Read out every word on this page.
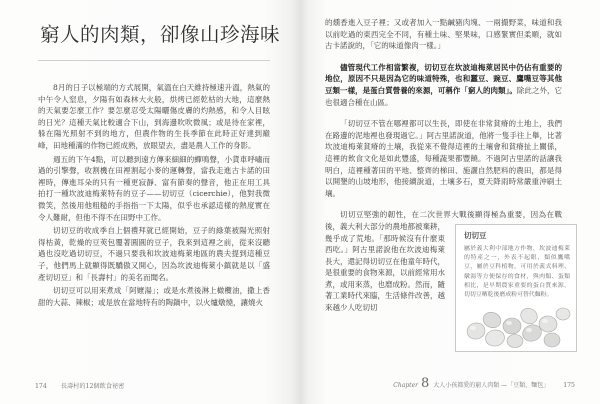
窮人的肉類，卻像山珍海味

8月的日子以極端的方式展開，氣溫在白天維持極速升溫，熱氣的中午令人窒息，夕陽有如森林大火般，烘烤已經乾枯的大地，這麼熱的天氣要怎麼工作？要怎麼忍受太陽曬傷皮膚的灼熱感，和令人目眩的日光？這種天氣比較適合下山，到海邊吹吹微風；或是待在家裡，躲在陽光照射不到的地方，但農作物的生長季節在此時正好達到巔峰，田地種滿的作物已經成熟，放眼望去，盡是農人工作的身影。

週五的下午4點，可以聽到遠方傳來細細的蟬鳴聲，小貨車呼嘯而過的引擎聲，收割機在田裡割起小麥的運轉聲，當我走進古卡諾的田裡時，傳進耳朵的只有一種更寂靜、富有節奏的聲音，他正在用工具拍打一種坎波迪梅萊特有的豆子——切切豆（cicerchie），他對我微微笑，然後用他粗糙的手指指一下太陽，似乎也承認這樣的熱度實在令人難耐，但他不得不在田野中工作。

切切豆的收成季自上個禮拜就已經開始，豆子的綠葉被陽光照射得枯黃，乾燥的豆莢包覆著圓圓的豆子，我來到這裡之前，從來沒聽過也沒吃過切切豆，不過只要我和坎波迪梅萊地區的農夫提到這種豆子，他們馬上就顯得既驕傲又開心，因為坎波迪梅萊小鎮就是以「盛產切切豆」和「長壽村」的美名而聞名。

切切豆可以用來煮成「阿嬤湯」；或是水煮後淋上橄欖油，撒上香甜的大蒜、辣椒；或是放在當地特有的陶鍋中，以火爐燉燒，讓燒火

174 長壽村的12個飲食祕密

的燻香進入豆子裡；又或者加入一點鹹豬肉塊、一兩撮野菜，味道和我以前吃過的東西完全不同，有種土味、堅果味，口感緊實但柔順，就如古卡諾說的，「它的味道像肉一樣。」

儘管現代工作相當繁複，切切豆在坎波迪梅萊居民中仍佔有重要的地位，原因不只是因為它的味道特殊，也和蠶豆、豌豆、鷹嘴豆等其他豆類一樣，是蛋白質營養的來源，可稱作「窮人的肉類」。除此之外，它也很適合種在山區。

「切切豆不管在哪裡都可以生長，即使在非常貧瘠的土地上，我們在路邊的泥地裡也發現過它。」阿古里諾說道，他將一隻手往上舉，比著坎波迪梅萊貧瘠的土壤，我從來不覺得這裡的土壤會和貧瘠扯上關係，這裡的飲食文化是如此豐盛，每種蔬果都豐饒。不過阿古里諾的話讓我明白，這裡種著田的平地、整齊的梯田、施灑自然肥料的農田，都是得以開墾的山坡地形，他接續說道，土壤多石，夏天降雨時常嚴重沖刷土壤。

切切豆堅強的韌性，在二次世界大戰後顯得極為重要，因為在戰後，義大利大部分的農地都被棄耕，幾乎成了荒地。「那時候沒有什麼東西吃。」阿古里諾說他在坎波迪梅萊長大，還記得切切豆在他童年時代，是很重要的食物來源，以前經常用水煮，或用來蒸，也磨成粉。然而，隨著工業時代來臨，生活條件改善，越來越少人吃切切

切切豆
屬於義大利中部地方作物，坎波迪梅萊的特產之一，外表不起眼，類似鷹嘴豆，屬於豆科植物，可用於義式料理、燉湯等方便保存的食材，與肉類、蛋類相比，是早期農家重要的蛋白質來源，切切豆晒乾後磨成粉可替代麵粉。
Chapter 8 大人小孩都愛的窮人肉類 —「豆類、麵包」 175
